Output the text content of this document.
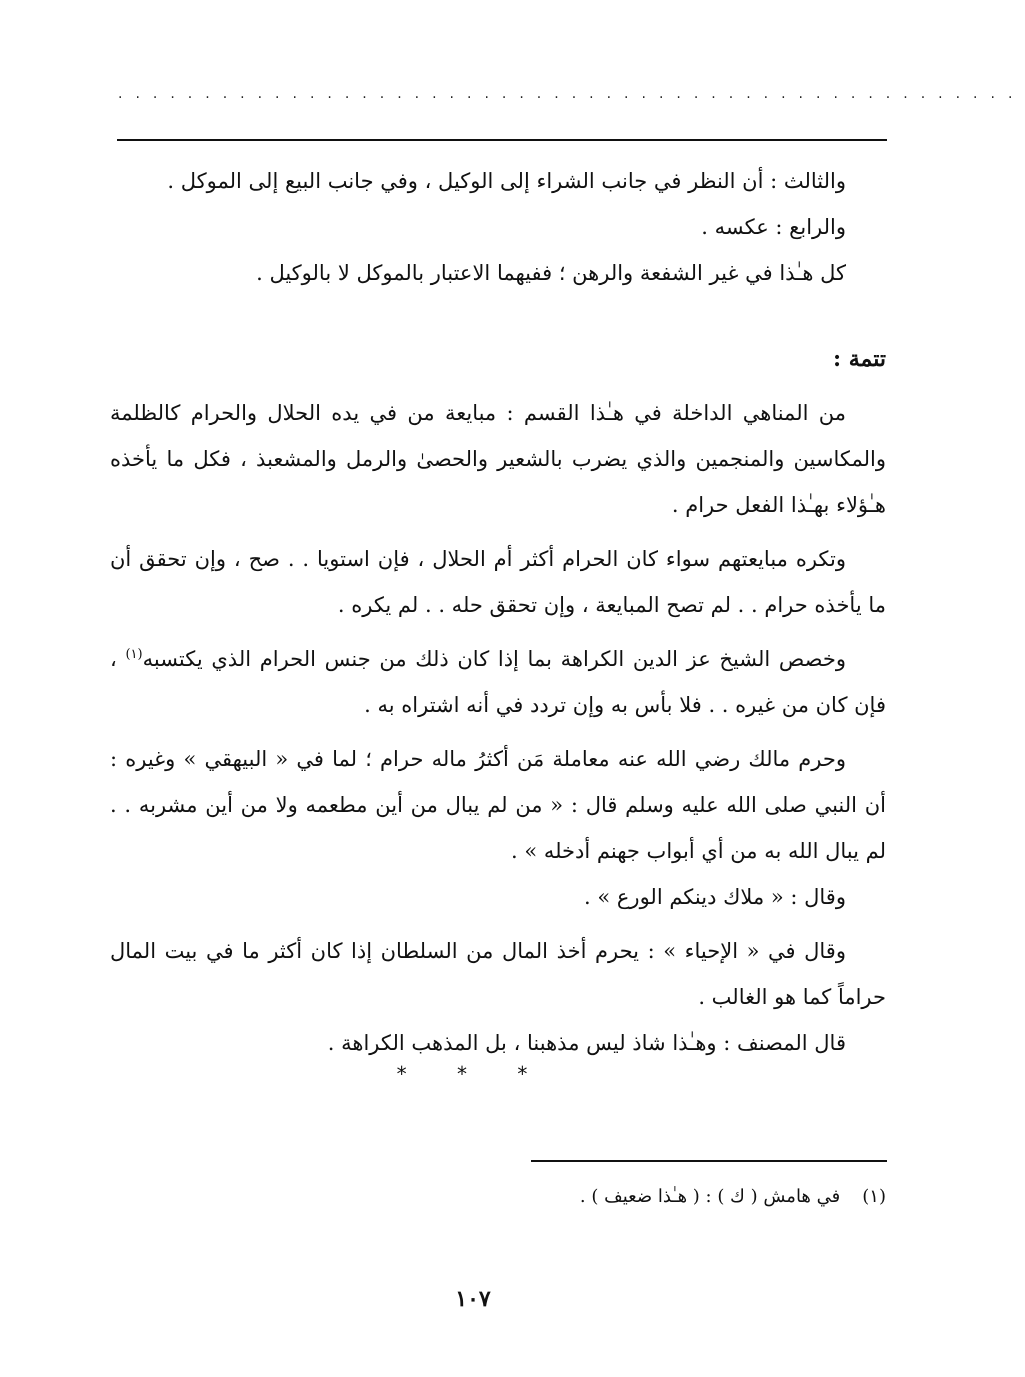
....................................................

والثالث : أن النظر في جانب الشراء إلى الوكيل ، وفي جانب البيع إلى الموكل .

والرابع : عكسه .

كل هـٰذا في غير الشفعة والرهن ؛ ففيهما الاعتبار بالموكل لا بالوكيل .

تتمة :

من المناهي الداخلة في هـٰذا القسم : مبايعة من في يده الحلال والحرام كالظلمة والمكاسين والمنجمين والذي يضرب بالشعير والحصىٰ والرمل والمشعبذ ، فكل ما يأخذه هـٰؤلاء بهـٰذا الفعل حرام .

وتكره مبايعتهم سواء كان الحرام أكثر أم الحلال ، فإن استويا . . صح ، وإن تحقق أن ما يأخذه حرام . . لم تصح المبايعة ، وإن تحقق حله . . لم يكره .

وخصص الشيخ عز الدين الكراهة بما إذا كان ذلك من جنس الحرام الذي يكتسبه$^{(١)}$ ، فإن كان من غيره . . فلا بأس به وإن تردد في أنه اشتراه به .

وحرم مالك رضي الله عنه معاملة مَن أكثرُ ماله حرام ؛ لما في « البيهقي » وغيره : أن النبي صلى الله عليه وسلم قال : « من لم يبال من أين مطعمه ولا من أين مشربه . . لم يبال الله به من أي أبواب جهنم أدخله » .

وقال : « ملاك دينكم الورع » .

وقال في « الإحياء » : يحرم أخذ المال من السلطان إذا كان أكثر ما في بيت المال حراماً كما هو الغالب .

قال المصنف : وهـٰذا شاذ ليس مذهبنا ، بل المذهب الكراهة .

* * *
(١)في هامش ( ك ) : ( هـٰذا ضعيف ) .
١٠٧
